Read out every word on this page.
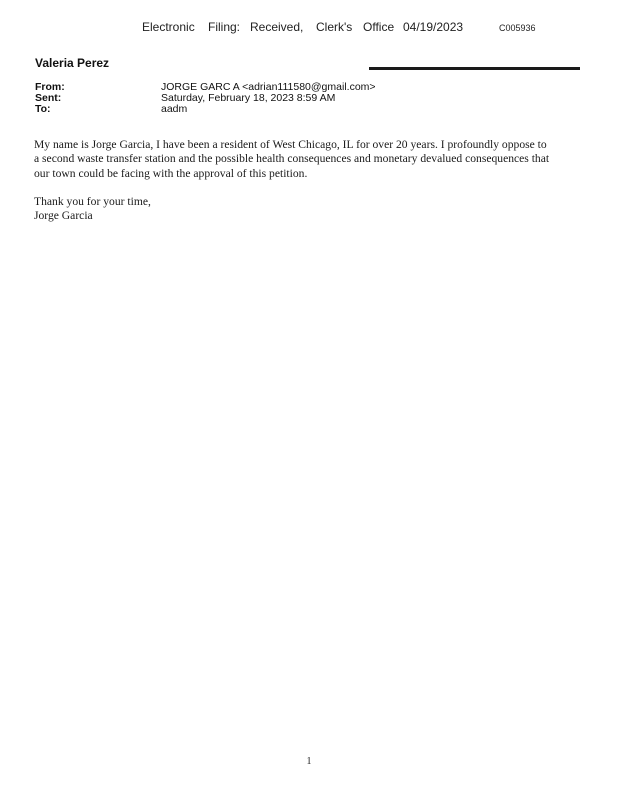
Electronic Filing: Received, Clerk's Office 04/19/2023	C005936
Valeria Perez
From:	JORGE GARC A <adrian111580@gmail.com>
Sent:	Saturday, February 18, 2023 8:59 AM
To:	aadm

My name is Jorge Garcia, I have been a resident of West Chicago, IL for over 20 years. I profoundly oppose to
a second waste transfer station and the possible health consequences and monetary devalued consequences that
our town could be facing with the approval of this petition.

Thank you for your time,
Jorge Garcia
1
